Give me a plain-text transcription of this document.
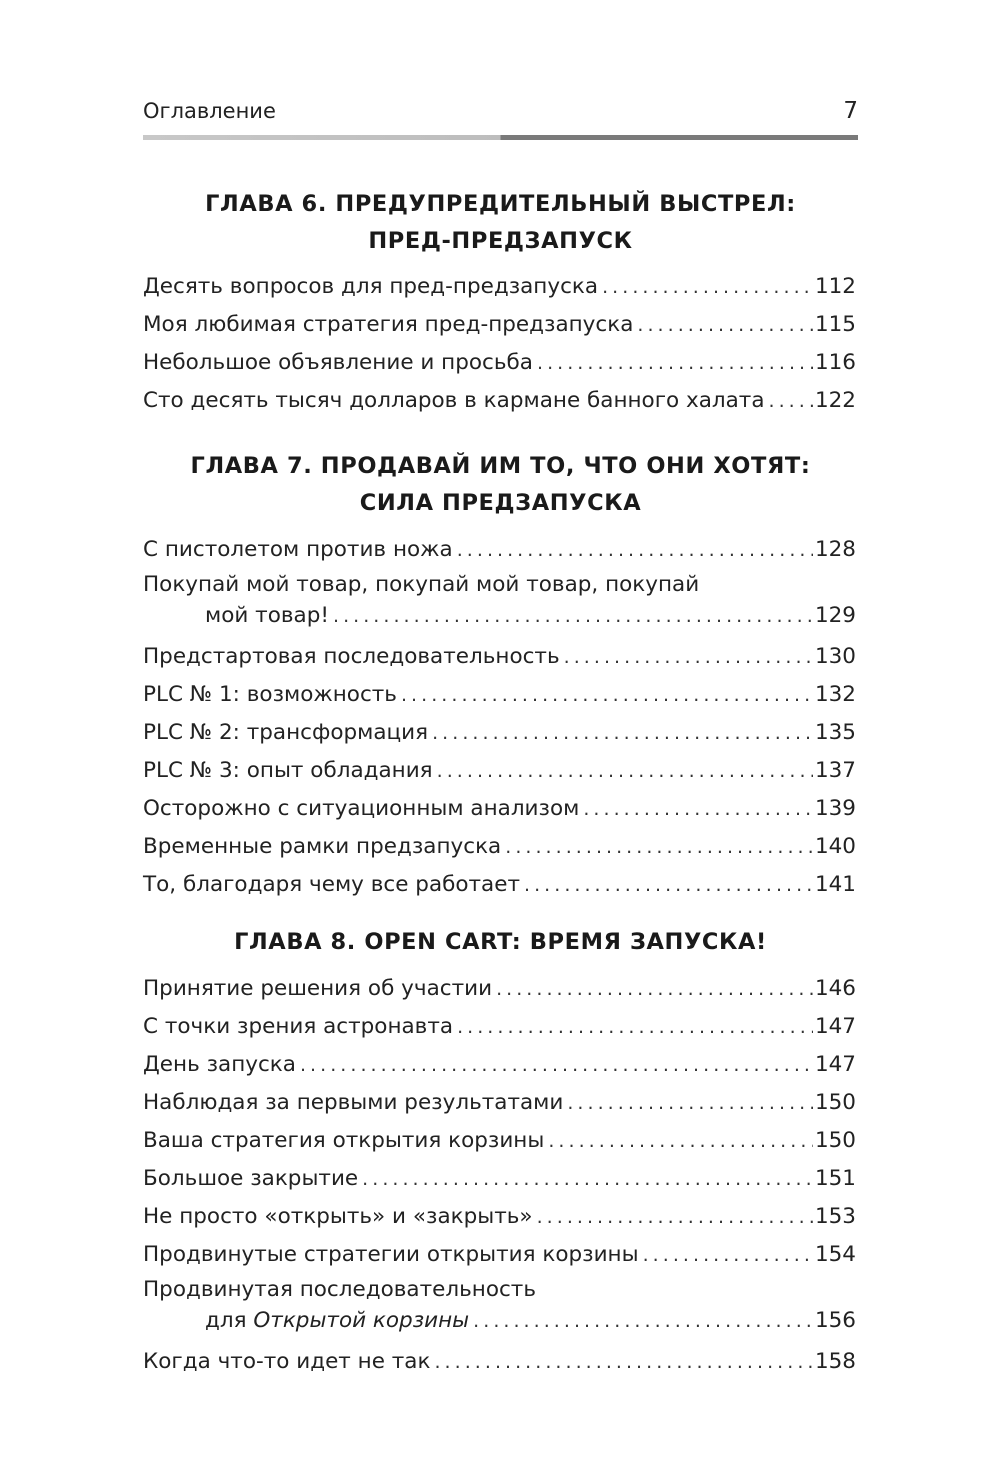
Оглавление	7
ГЛАВА 6. ПРЕДУПРЕДИТЕЛЬНЫЙ ВЫСТРЕЛ:
ПРЕД-ПРЕДЗАПУСК
Десять вопросов для пред-предзапуска . . .	112
Моя любимая стратегия пред-предзапуска . . .	115
Небольшое объявление и просьба . . .	116
Сто десять тысяч долларов в кармане банного халата . . . 122
ГЛАВА 7. ПРОДАВАЙ ИМ ТО, ЧТО ОНИ ХОТЯТ:
СИЛА ПРЕДЗАПУСКА
С пистолетом против ножа . . .	128
Покупай мой товар, покупай мой товар, покупай
мой товар! . . .	129
Предстартовая последовательность . . .	130
PLC № 1: возможность . . .	132
PLC № 2: трансформация . . .	135
PLC № 3: опыт обладания . . .	137
Осторожно с ситуационным анализом . . .	139
Временные рамки предзапуска . . .	140
То, благодаря чему все работает . . .	141
ГЛАВА 8. OPEN CART: ВРЕМЯ ЗАПУСКА!
Принятие решения об участии . . .	146
С точки зрения астронавта . . .	147
День запуска . . .	147
Наблюдая за первыми результатами . . .	150
Ваша стратегия открытия корзины . . .	150
Большое закрытие . . .	151
Не просто «открыть» и «закрыть» . . .	153
Продвинутые стратегии открытия корзины . . .	154
Продвинутая последовательность
для Открытой корзины . . .	156
Когда что-то идет не так . . .	158
